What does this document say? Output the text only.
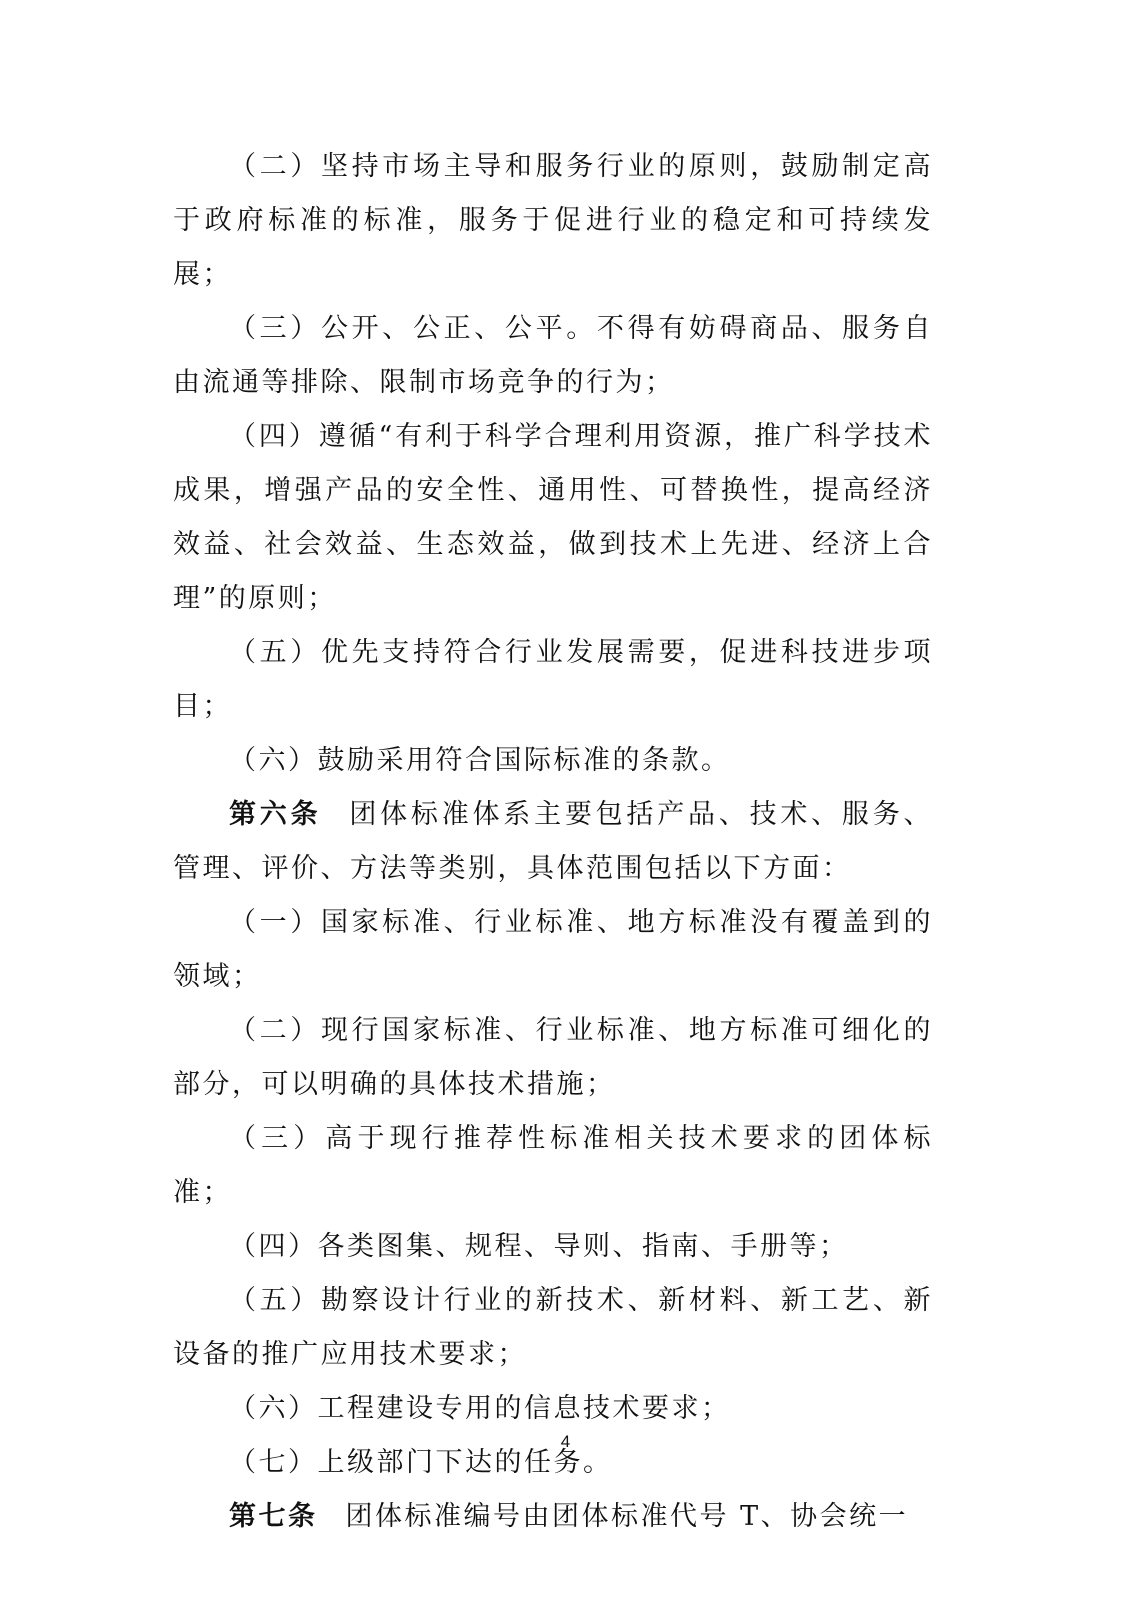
（二）坚持市场主导和服务行业的原则，鼓励制定高于政府标准的标准，服务于促进行业的稳定和可持续发展；

（三）公开、公正、公平。不得有妨碍商品、服务自由流通等排除、限制市场竞争的行为；

（四）遵循“有利于科学合理利用资源，推广科学技术成果，增强产品的安全性、通用性、可替换性，提高经济效益、社会效益、生态效益，做到技术上先进、经济上合理”的原则；

（五）优先支持符合行业发展需要，促进科技进步项目；

（六）鼓励采用符合国际标准的条款。

第六条 团体标准体系主要包括产品、技术、服务、管理、评价、方法等类别，具体范围包括以下方面：

（一）国家标准、行业标准、地方标准没有覆盖到的领域；

（二）现行国家标准、行业标准、地方标准可细化的部分，可以明确的具体技术措施；

（三）高于现行推荐性标准相关技术要求的团体标准；

（四）各类图集、规程、导则、指南、手册等；

（五）勘察设计行业的新技术、新材料、新工艺、新设备的推广应用技术要求；

（六）工程建设专用的信息技术要求；

（七）上级部门下达的任务。

第七条 团体标准编号由团体标准代号 T、协会统一

4
